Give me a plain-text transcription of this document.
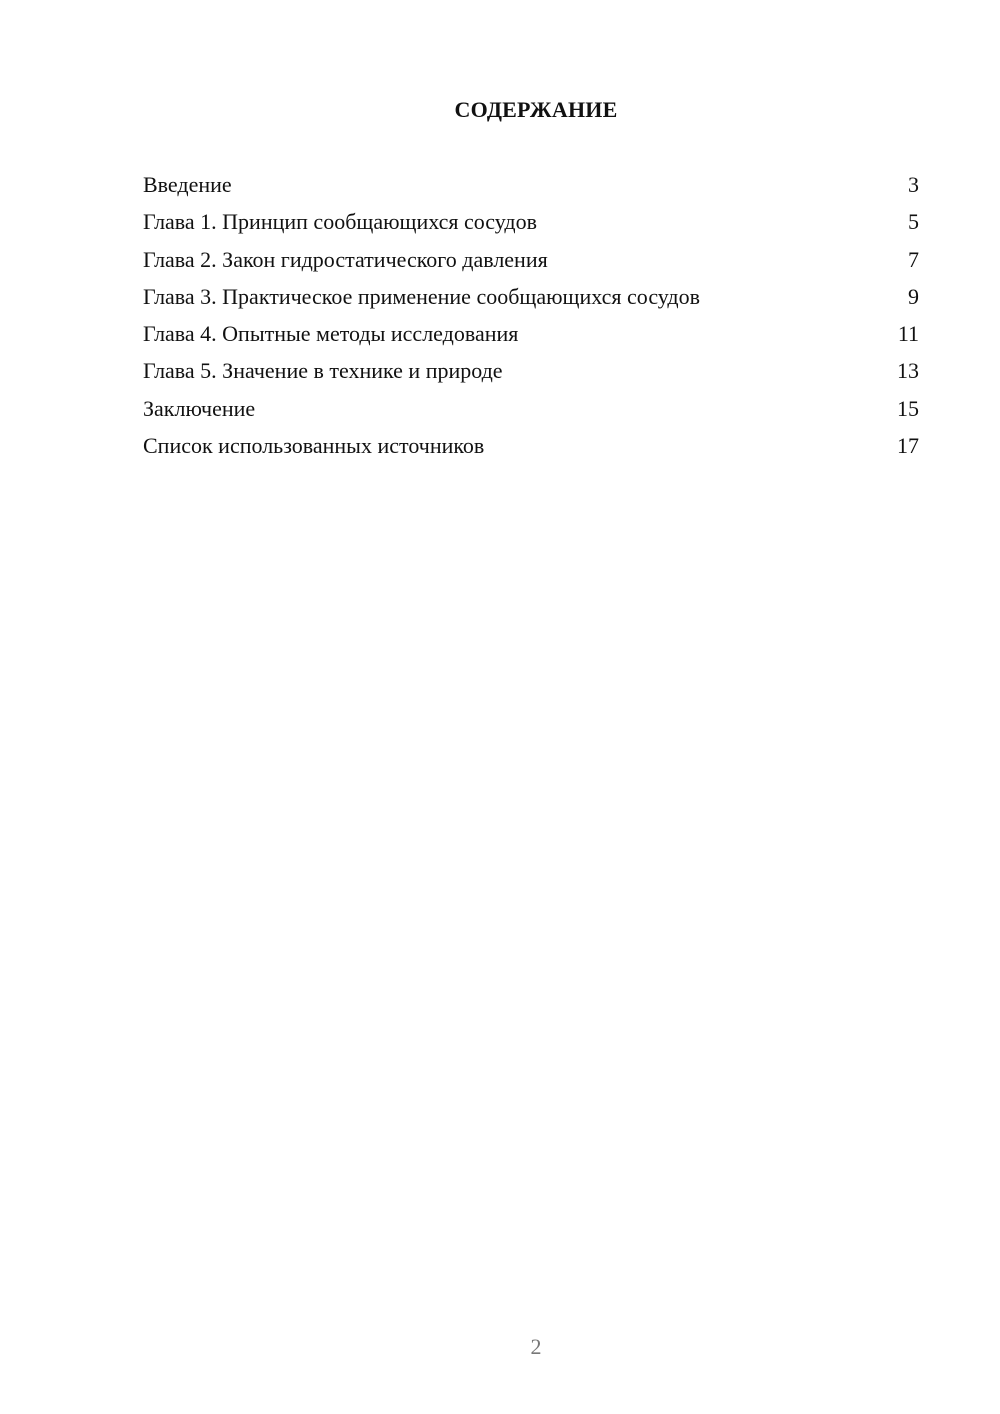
СОДЕРЖАНИЕ
Введение	3
Глава 1. Принцип сообщающихся сосудов	5
Глава 2. Закон гидростатического давления	7
Глава 3. Практическое применение сообщающихся сосудов	9
Глава 4. Опытные методы исследования	11
Глава 5. Значение в технике и природе	13
Заключение	15
Список использованных источников	17
2
